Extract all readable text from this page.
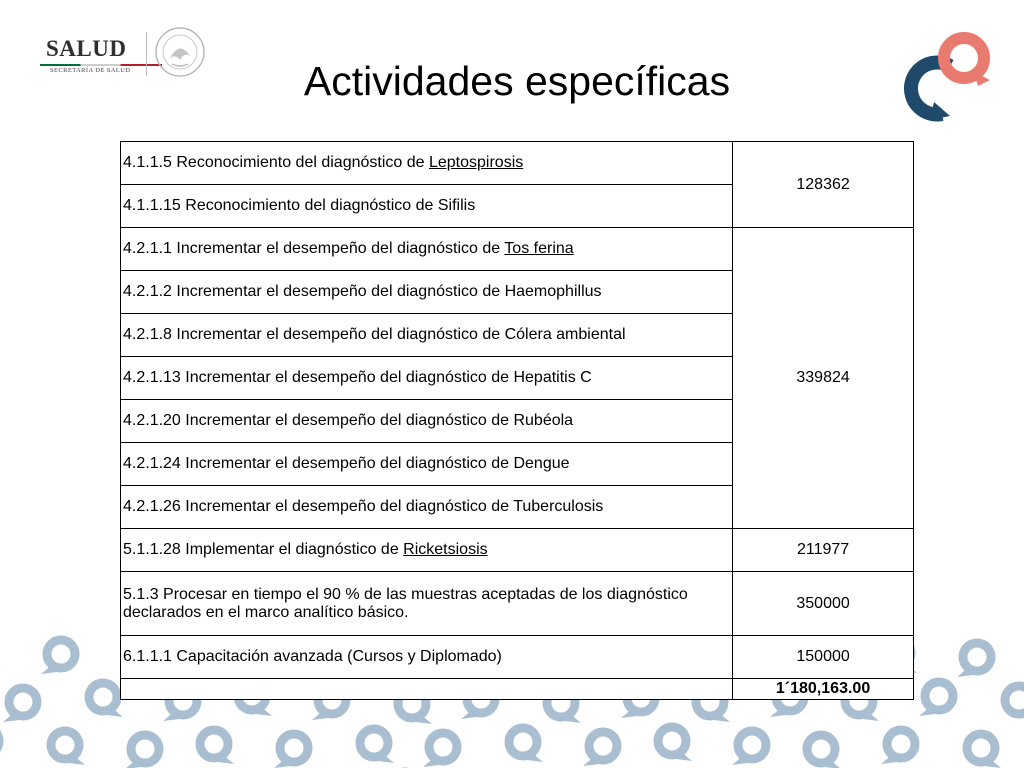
SALUD
SECRETARÍA DE SALUD	Actividades específicas
4.1.1.5 Reconocimiento del diagnóstico de Leptospirosis	128362
4.1.1.15 Reconocimiento del diagnóstico de Sifilis	
4.2.1.1 Incrementar el desempeño del diagnóstico de Tos ferina	339824
4.2.1.2 Incrementar el desempeño del diagnóstico de Haemophillus	
4.2.1.8 Incrementar el desempeño del diagnóstico de Cólera ambiental	
4.2.1.13 Incrementar el desempeño del diagnóstico de Hepatitis C	
4.2.1.20 Incrementar el desempeño del diagnóstico de Rubéola	
4.2.1.24 Incrementar el desempeño del diagnóstico de Dengue	
4.2.1.26 Incrementar el desempeño del diagnóstico de Tuberculosis	
5.1.1.28 Implementar el diagnóstico de Ricketsiosis	211977
5.1.3 Procesar en tiempo el 90 % de las muestras aceptadas de los diagnóstico declarados en el marco analítico básico.	350000
6.1.1.1 Capacitación avanzada (Cursos y Diplomado)	150000
	1´180,163.00
